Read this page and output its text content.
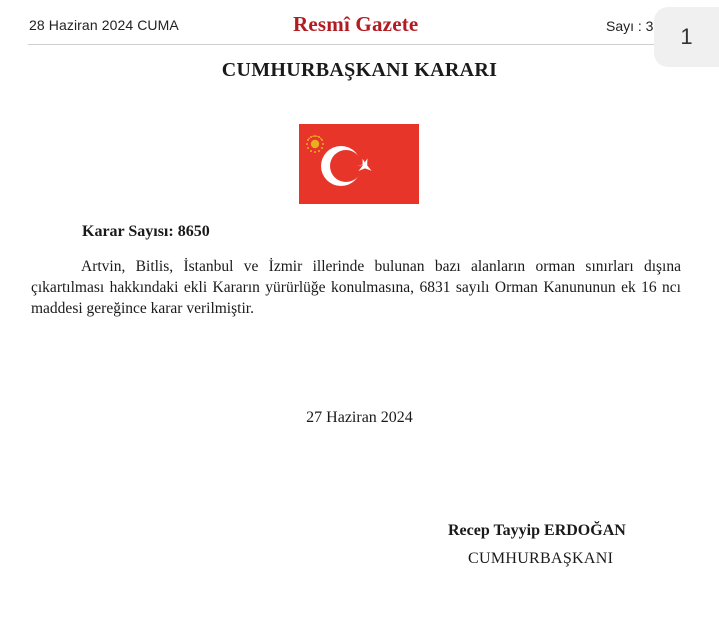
28 Haziran 2024 CUMA	Resmî Gazete	Sayı : 3	1
CUMHURBAŞKANI KARARI
Karar Sayısı: 8650

Artvin, Bitlis, İstanbul ve İzmir illerinde bulunan bazı alanların orman sınırları dışına çıkartılması hakkındaki ekli Kararın yürürlüğe konulmasına, 6831 sayılı Orman Kanununun ek 16 ncı maddesi gereğince karar verilmiştir.

27 Haziran 2024
Recep Tayyip ERDOĞAN
CUMHURBAŞKANI
